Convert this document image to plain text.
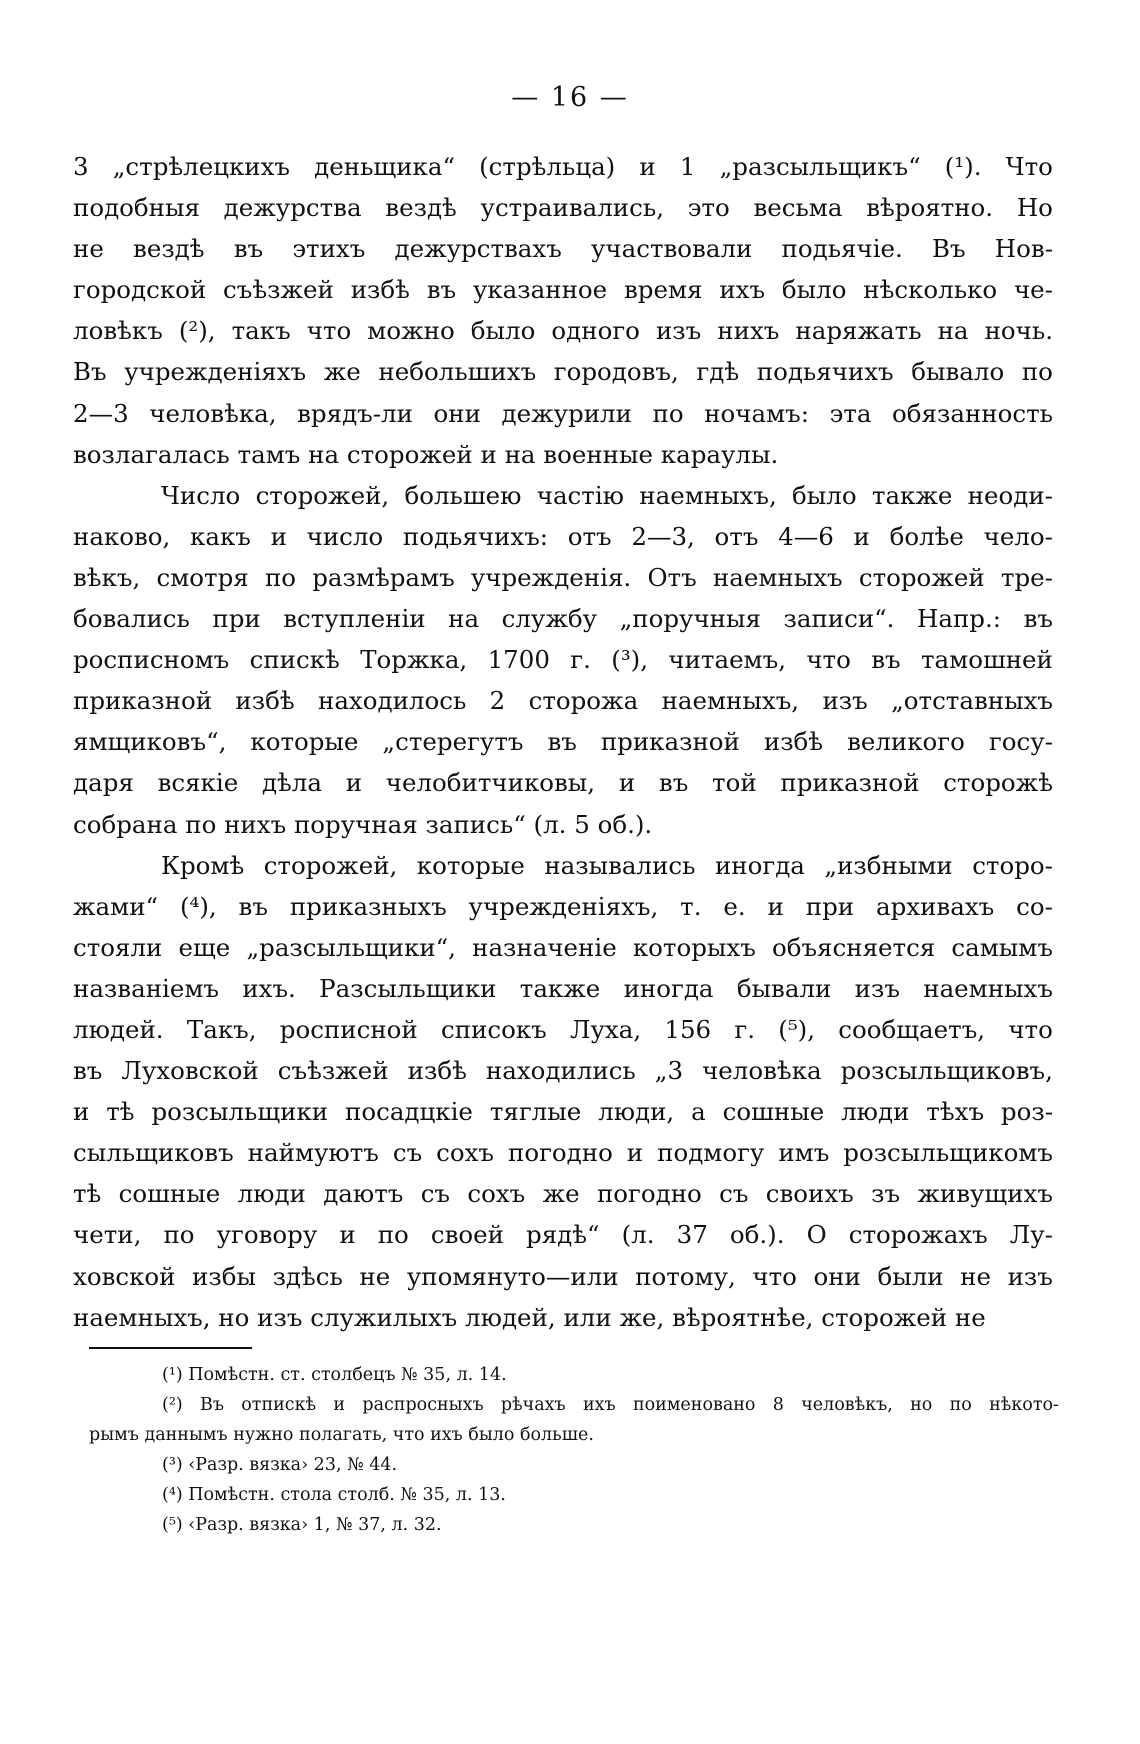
— 16 —
3 „стрѣлецкихъ деньщика“ (стрѣльца) и 1 „разсыльщикъ“ (¹). Что
подобныя дежурства вездѣ устраивались, это весьма вѣроятно. Но
не вездѣ въ этихъ дежурствахъ участвовали подьячіе. Въ Нов-
городской съѣзжей избѣ въ указанное время ихъ было нѣсколько че-
ловѣкъ (²), такъ что можно было одного изъ нихъ наряжать на ночь.
Въ учрежденіяхъ же небольшихъ городовъ, гдѣ подьячихъ бывало по
2—3 человѣка, врядъ-ли они дежурили по ночамъ: эта обязанность
возлагалась тамъ на сторожей и на военные караулы.
Число сторожей, большею частію наемныхъ, было также неоди-
наково, какъ и число подьячихъ: отъ 2—3, отъ 4—6 и болѣе чело-
вѣкъ, смотря по размѣрамъ учрежденія. Отъ наемныхъ сторожей тре-
бовались при вступленіи на службу „поручныя записи“. Напр.: въ
росписномъ спискѣ Торжка, 1700 г. (³), читаемъ, что въ тамошней
приказной избѣ находилось 2 сторожа наемныхъ, изъ „отставныхъ
ямщиковъ“, которые „стерегутъ въ приказной избѣ великого госу-
даря всякіе дѣла и челобитчиковы, и въ той приказной сторожѣ
собрана по нихъ поручная запись“ (л. 5 об.).
Кромѣ сторожей, которые назывались иногда „избными сторо-
жами“ (⁴), въ приказныхъ учрежденіяхъ, т. е. и при архивахъ со-
стояли еще „разсыльщики“, назначеніе которыхъ объясняется самымъ
названіемъ ихъ. Разсыльщики также иногда бывали изъ наемныхъ
людей. Такъ, росписной списокъ Луха, 156 г. (⁵), сообщаетъ, что
въ Луховской съѣзжей избѣ находились „3 человѣка розсыльщиковъ,
и тѣ розсыльщики посадцкіе тяглые люди, а сошные люди тѣхъ роз-
сыльщиковъ наймуютъ съ сохъ погодно и подмогу имъ розсыльщикомъ
тѣ сошные люди даютъ съ сохъ же погодно съ своихъ зъ живущихъ
чети, по уговору и по своей рядѣ“ (л. 37 об.). О сторожахъ Лу-
ховской избы здѣсь не упомянуто—или потому, что они были не изъ
наемныхъ, но изъ служилыхъ людей, или же, вѣроятнѣе, сторожей не
(¹) Помѣстн. ст. столбецъ № 35, л. 14.
(²) Въ отпискѣ и распросныхъ рѣчахъ ихъ поименовано 8 человѣкъ, но по нѣкото-
рымъ даннымъ нужно полагать, что ихъ было больше.
(³) ‹Разр. вязка› 23, № 44.
(⁴) Помѣстн. стола столб. № 35, л. 13.
(⁵) ‹Разр. вязка› 1, № 37, л. 32.
